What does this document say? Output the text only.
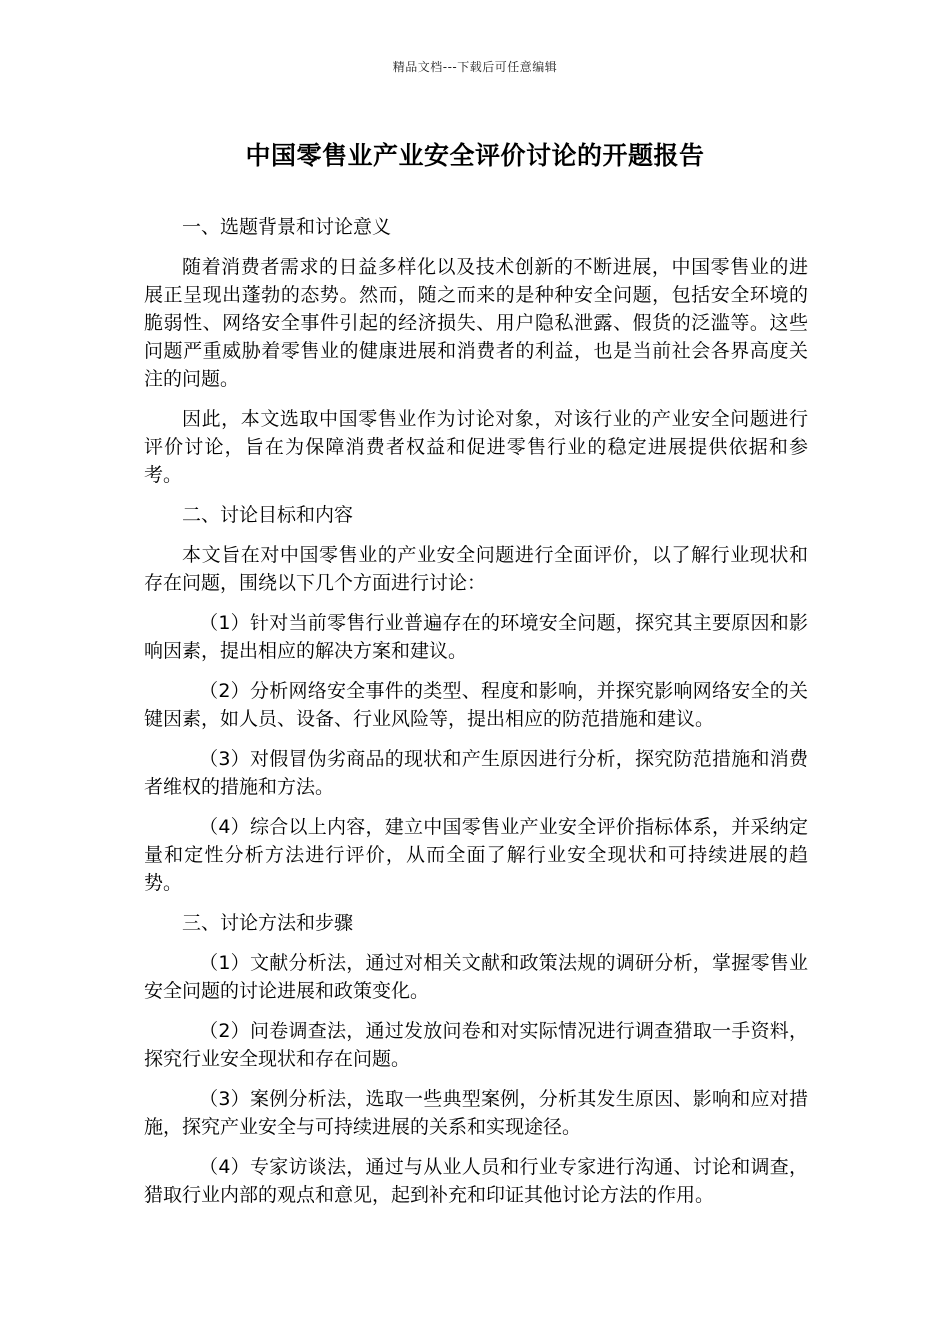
精品文档---下载后可任意编辑
中国零售业产业安全评价讨论的开题报告

一、选题背景和讨论意义

随着消费者需求的日益多样化以及技术创新的不断进展，中国零售业的进展正呈现出蓬勃的态势。然而，随之而来的是种种安全问题，包括安全环境的脆弱性、网络安全事件引起的经济损失、用户隐私泄露、假货的泛滥等。这些问题严重威胁着零售业的健康进展和消费者的利益，也是当前社会各界高度关注的问题。

因此，本文选取中国零售业作为讨论对象，对该行业的产业安全问题进行评价讨论，旨在为保障消费者权益和促进零售行业的稳定进展提供依据和参考。

二、讨论目标和内容

本文旨在对中国零售业的产业安全问题进行全面评价，以了解行业现状和存在问题，围绕以下几个方面进行讨论：

（1）针对当前零售行业普遍存在的环境安全问题，探究其主要原因和影响因素，提出相应的解决方案和建议。

（2）分析网络安全事件的类型、程度和影响，并探究影响网络安全的关键因素，如人员、设备、行业风险等，提出相应的防范措施和建议。

（3）对假冒伪劣商品的现状和产生原因进行分析，探究防范措施和消费者维权的措施和方法。

（4）综合以上内容，建立中国零售业产业安全评价指标体系，并采纳定量和定性分析方法进行评价，从而全面了解行业安全现状和可持续进展的趋势。

三、讨论方法和步骤

（1）文献分析法，通过对相关文献和政策法规的调研分析，掌握零售业安全问题的讨论进展和政策变化。

（2）问卷调查法，通过发放问卷和对实际情况进行调查猎取一手资料，探究行业安全现状和存在问题。

（3）案例分析法，选取一些典型案例，分析其发生原因、影响和应对措施，探究产业安全与可持续进展的关系和实现途径。

（4）专家访谈法，通过与从业人员和行业专家进行沟通、讨论和调查，猎取行业内部的观点和意见，起到补充和印证其他讨论方法的作用。
